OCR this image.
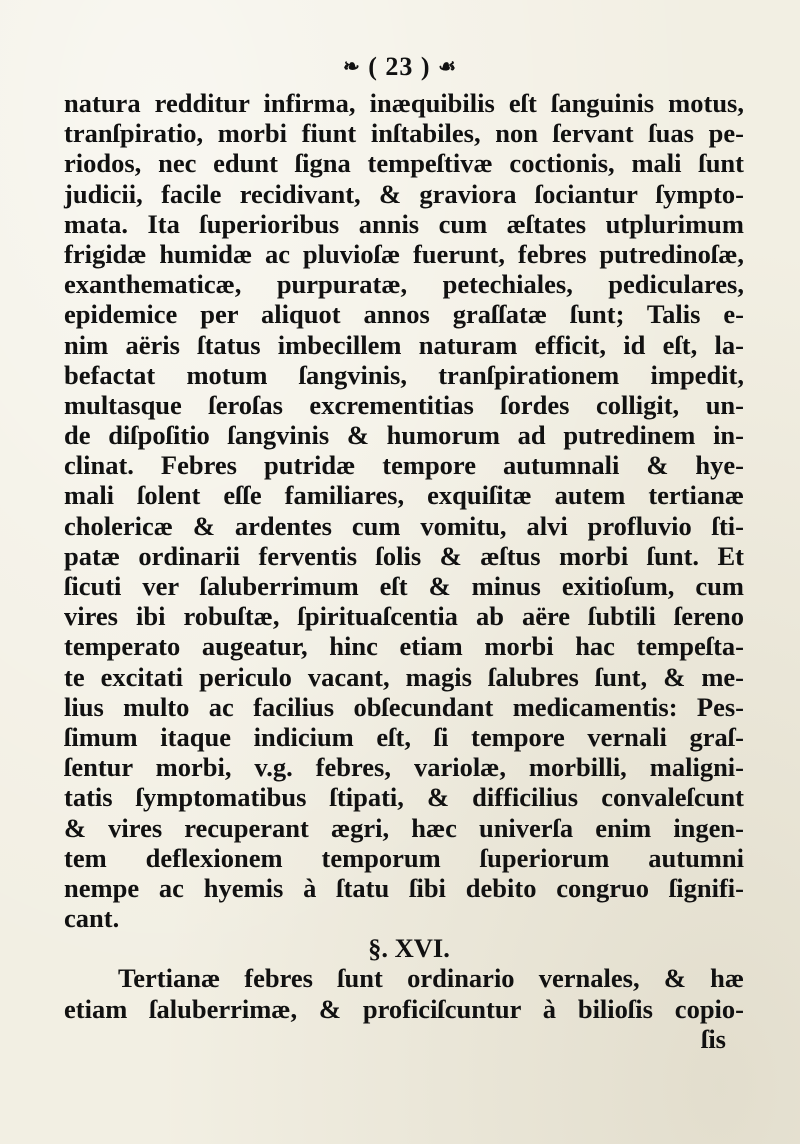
❧ ( 23 ) ☙
natura redditur infirma, inæquibilis eſt ſanguinis motus,
tranſpiratio, morbi fiunt inſtabiles, non ſervant ſuas pe-
riodos, nec edunt ſigna tempeſtivæ coctionis, mali ſunt
judicii, facile recidivant, & graviora ſociantur ſympto-
mata. Ita ſuperioribus annis cum æſtates utplurimum
frigidæ humidæ ac pluvioſæ fuerunt, febres putredinoſæ,
exanthematicæ, purpuratæ, petechiales, pediculares,
epidemice per aliquot annos graſſatæ ſunt; Talis e-
nim aëris ſtatus imbecillem naturam efficit, id eſt, la-
befactat motum ſangvinis, tranſpirationem impedit,
multasque ſeroſas excrementitias ſordes colligit, un-
de diſpoſitio ſangvinis & humorum ad putredinem in-
clinat. Febres putridæ tempore autumnali & hye-
mali ſolent eſſe familiares, exquiſitæ autem tertianæ
cholericæ & ardentes cum vomitu, alvi profluvio ſti-
patæ ordinarii ferventis ſolis & æſtus morbi ſunt. Et
ſicuti ver ſaluberrimum eſt & minus exitioſum, cum
vires ibi robuſtæ, ſpirituaſcentia ab aëre ſubtili ſereno
temperato augeatur, hinc etiam morbi hac tempeſta-
te excitati periculo vacant, magis ſalubres ſunt, & me-
lius multo ac facilius obſecundant medicamentis: Pes-
ſimum itaque indicium eſt, ſi tempore vernali graſ-
ſentur morbi, v.g. febres, variolæ, morbilli, maligni-
tatis ſymptomatibus ſtipati, & difficilius convaleſcunt
& vires recuperant ægri, hæc univerſa enim ingen-
tem deflexionem temporum ſuperiorum autumni
nempe ac hyemis à ſtatu ſibi debito congruo ſignifi-
cant.
§. XVI.
Tertianæ febres ſunt ordinario vernales, & hæ
etiam ſaluberrimæ, & proficiſcuntur à bilioſis copio-
ſis
